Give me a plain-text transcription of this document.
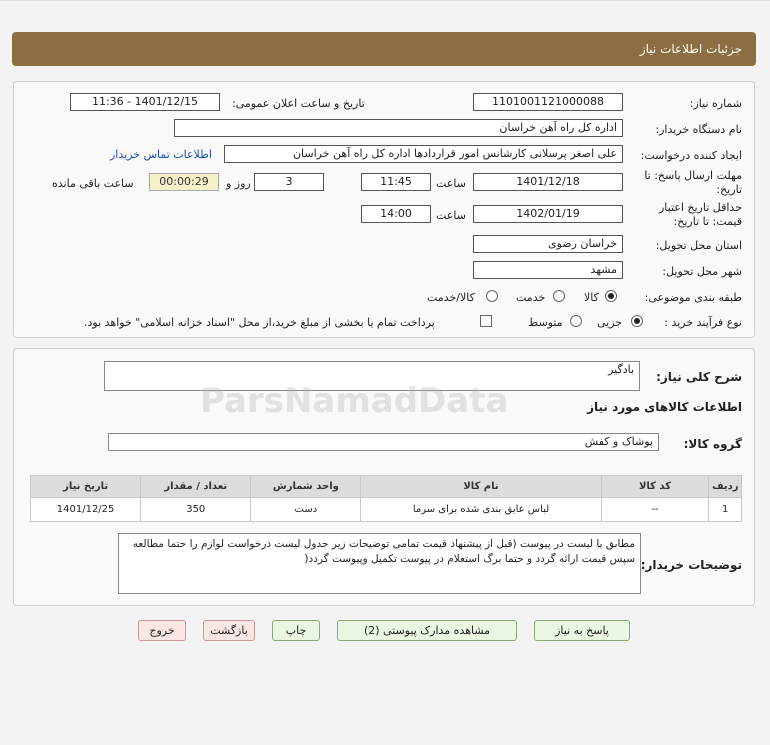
جزئیات اطلاعات نیاز
شماره نیاز:
1101001121000088
تاریخ و ساعت اعلان عمومی:
1401/12/15 - 11:36
نام دستگاه خریدار:
اداره کل راه آهن خراسان
ایجاد کننده درخواست:
علی اصغر پرسلانی کارشانس امور قراردادها اداره کل راه آهن خراسان
اطلاعات تماس خریدار
مهلت ارسال پاسخ: تا
تاریخ:
1401/12/18
ساعت
11:45
3
روز و
00:00:29
ساعت باقی مانده
حداقل تاریخ اعتبار
قیمت: تا تاریخ:
1402/01/19
ساعت
14:00
استان محل تحویل:
خراسان رضوی
شهر محل تحویل:
مشهد
طبقه بندی موضوعی:
کالا
خدمت
کالا/خدمت
نوع فرآیند خرید :
جزیی
متوسط
پرداخت تمام یا بخشی از مبلغ خرید،از محل "اسناد خزانه اسلامی" خواهد بود.
شرح کلی نیاز:
بادگیر
اطلاعات کالاهای مورد نیاز
ParsNamadData
گروه کالا:
پوشاک و کفش
ردیف	کد کالا	نام کالا	واحد شمارش	تعداد / مقدار	تاریخ نیاز
1	--	لباس عایق بندی شده برای سرما	دست	350	1401/12/25
توضیحات خریدار:
مطابق با لیست در پیوست (قبل از پیشنهاد قیمت تمامی توضیحات زیر جدول لیست درخواست لوازم را حتما مطالعه سپس قیمت ارائه گردد و حتما برگ استعلام در پیوست تکمیل وپیوست گردد(
پاسخ به نیاز
مشاهده مدارک پیوستی (2)
چاپ
بازگشت
خروج
